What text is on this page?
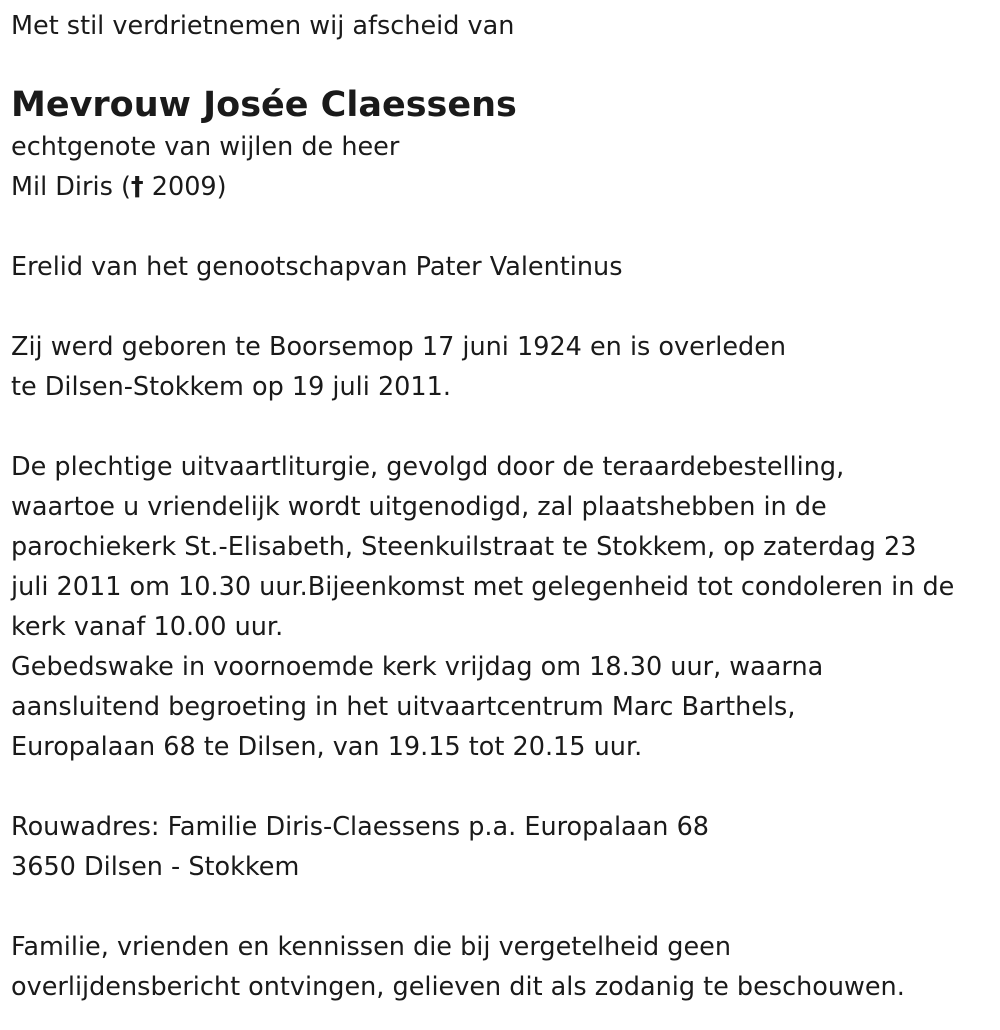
Met stil verdrietnemen wij afscheid van
Mevrouw Josée Claessens
echtgenote van wijlen de heer
Mil Diris († 2009)
Erelid van het genootschapvan Pater Valentinus
Zij werd geboren te Boorsemop 17 juni 1924 en is overleden
te Dilsen-Stokkem op 19 juli 2011.
De plechtige uitvaartliturgie, gevolgd door de teraardebestelling,
waartoe u vriendelijk wordt uitgenodigd, zal plaatshebben in de
parochiekerk St.-Elisabeth, Steenkuilstraat te Stokkem, op zaterdag 23
juli 2011 om 10.30 uur.Bijeenkomst met gelegenheid tot condoleren in de
kerk vanaf 10.00 uur.
Gebedswake in voornoemde kerk vrijdag om 18.30 uur, waarna
aansluitend begroeting in het uitvaartcentrum Marc Barthels,
Europalaan 68 te Dilsen, van 19.15 tot 20.15 uur.
Rouwadres: Familie Diris-Claessens p.a. Europalaan 68
3650 Dilsen - Stokkem
Familie, vrienden en kennissen die bij vergetelheid geen
overlijdensbericht ontvingen, gelieven dit als zodanig te beschouwen.
